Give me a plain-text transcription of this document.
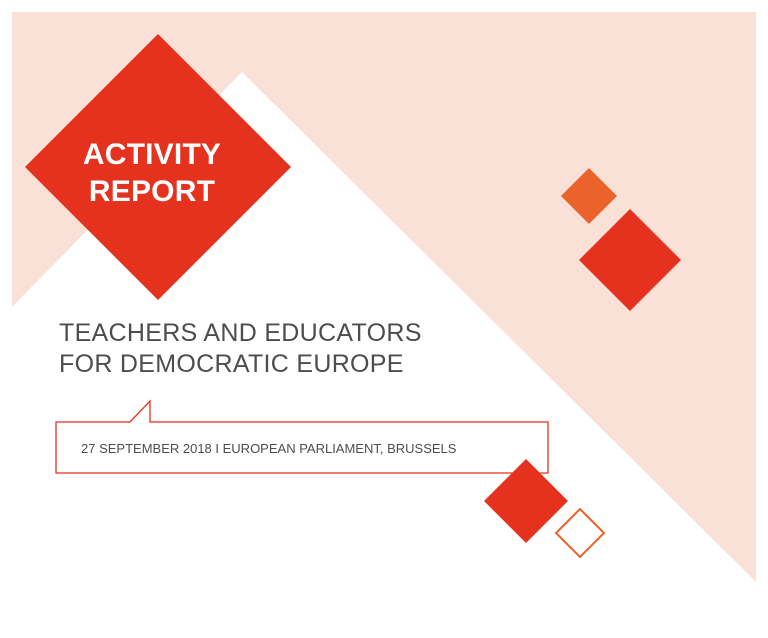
ACTIVITY
REPORT
TEACHERS AND EDUCATORS
FOR DEMOCRATIC EUROPE
27 SEPTEMBER 2018 I EUROPEAN PARLIAMENT, BRUSSELS
